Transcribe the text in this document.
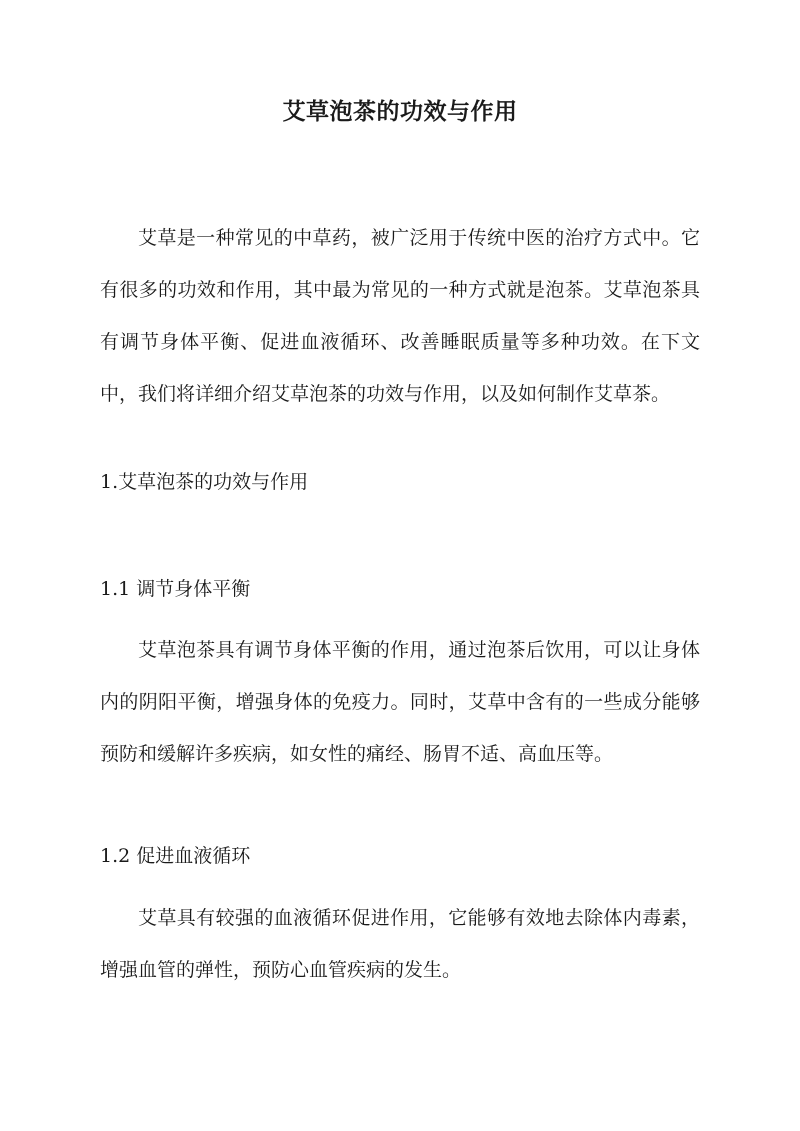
艾草泡茶的功效与作用

艾草是一种常见的中草药，被广泛用于传统中医的治疗方式中。它有很多的功效和作用，其中最为常见的一种方式就是泡茶。艾草泡茶具有调节身体平衡、促进血液循环、改善睡眠质量等多种功效。在下文中，我们将详细介绍艾草泡茶的功效与作用，以及如何制作艾草茶。

1.艾草泡茶的功效与作用

1.1 调节身体平衡

艾草泡茶具有调节身体平衡的作用，通过泡茶后饮用，可以让身体内的阴阳平衡，增强身体的免疫力。同时，艾草中含有的一些成分能够预防和缓解许多疾病，如女性的痛经、肠胃不适、高血压等。

1.2 促进血液循环

艾草具有较强的血液循环促进作用，它能够有效地去除体内毒素，增强血管的弹性，预防心血管疾病的发生。
